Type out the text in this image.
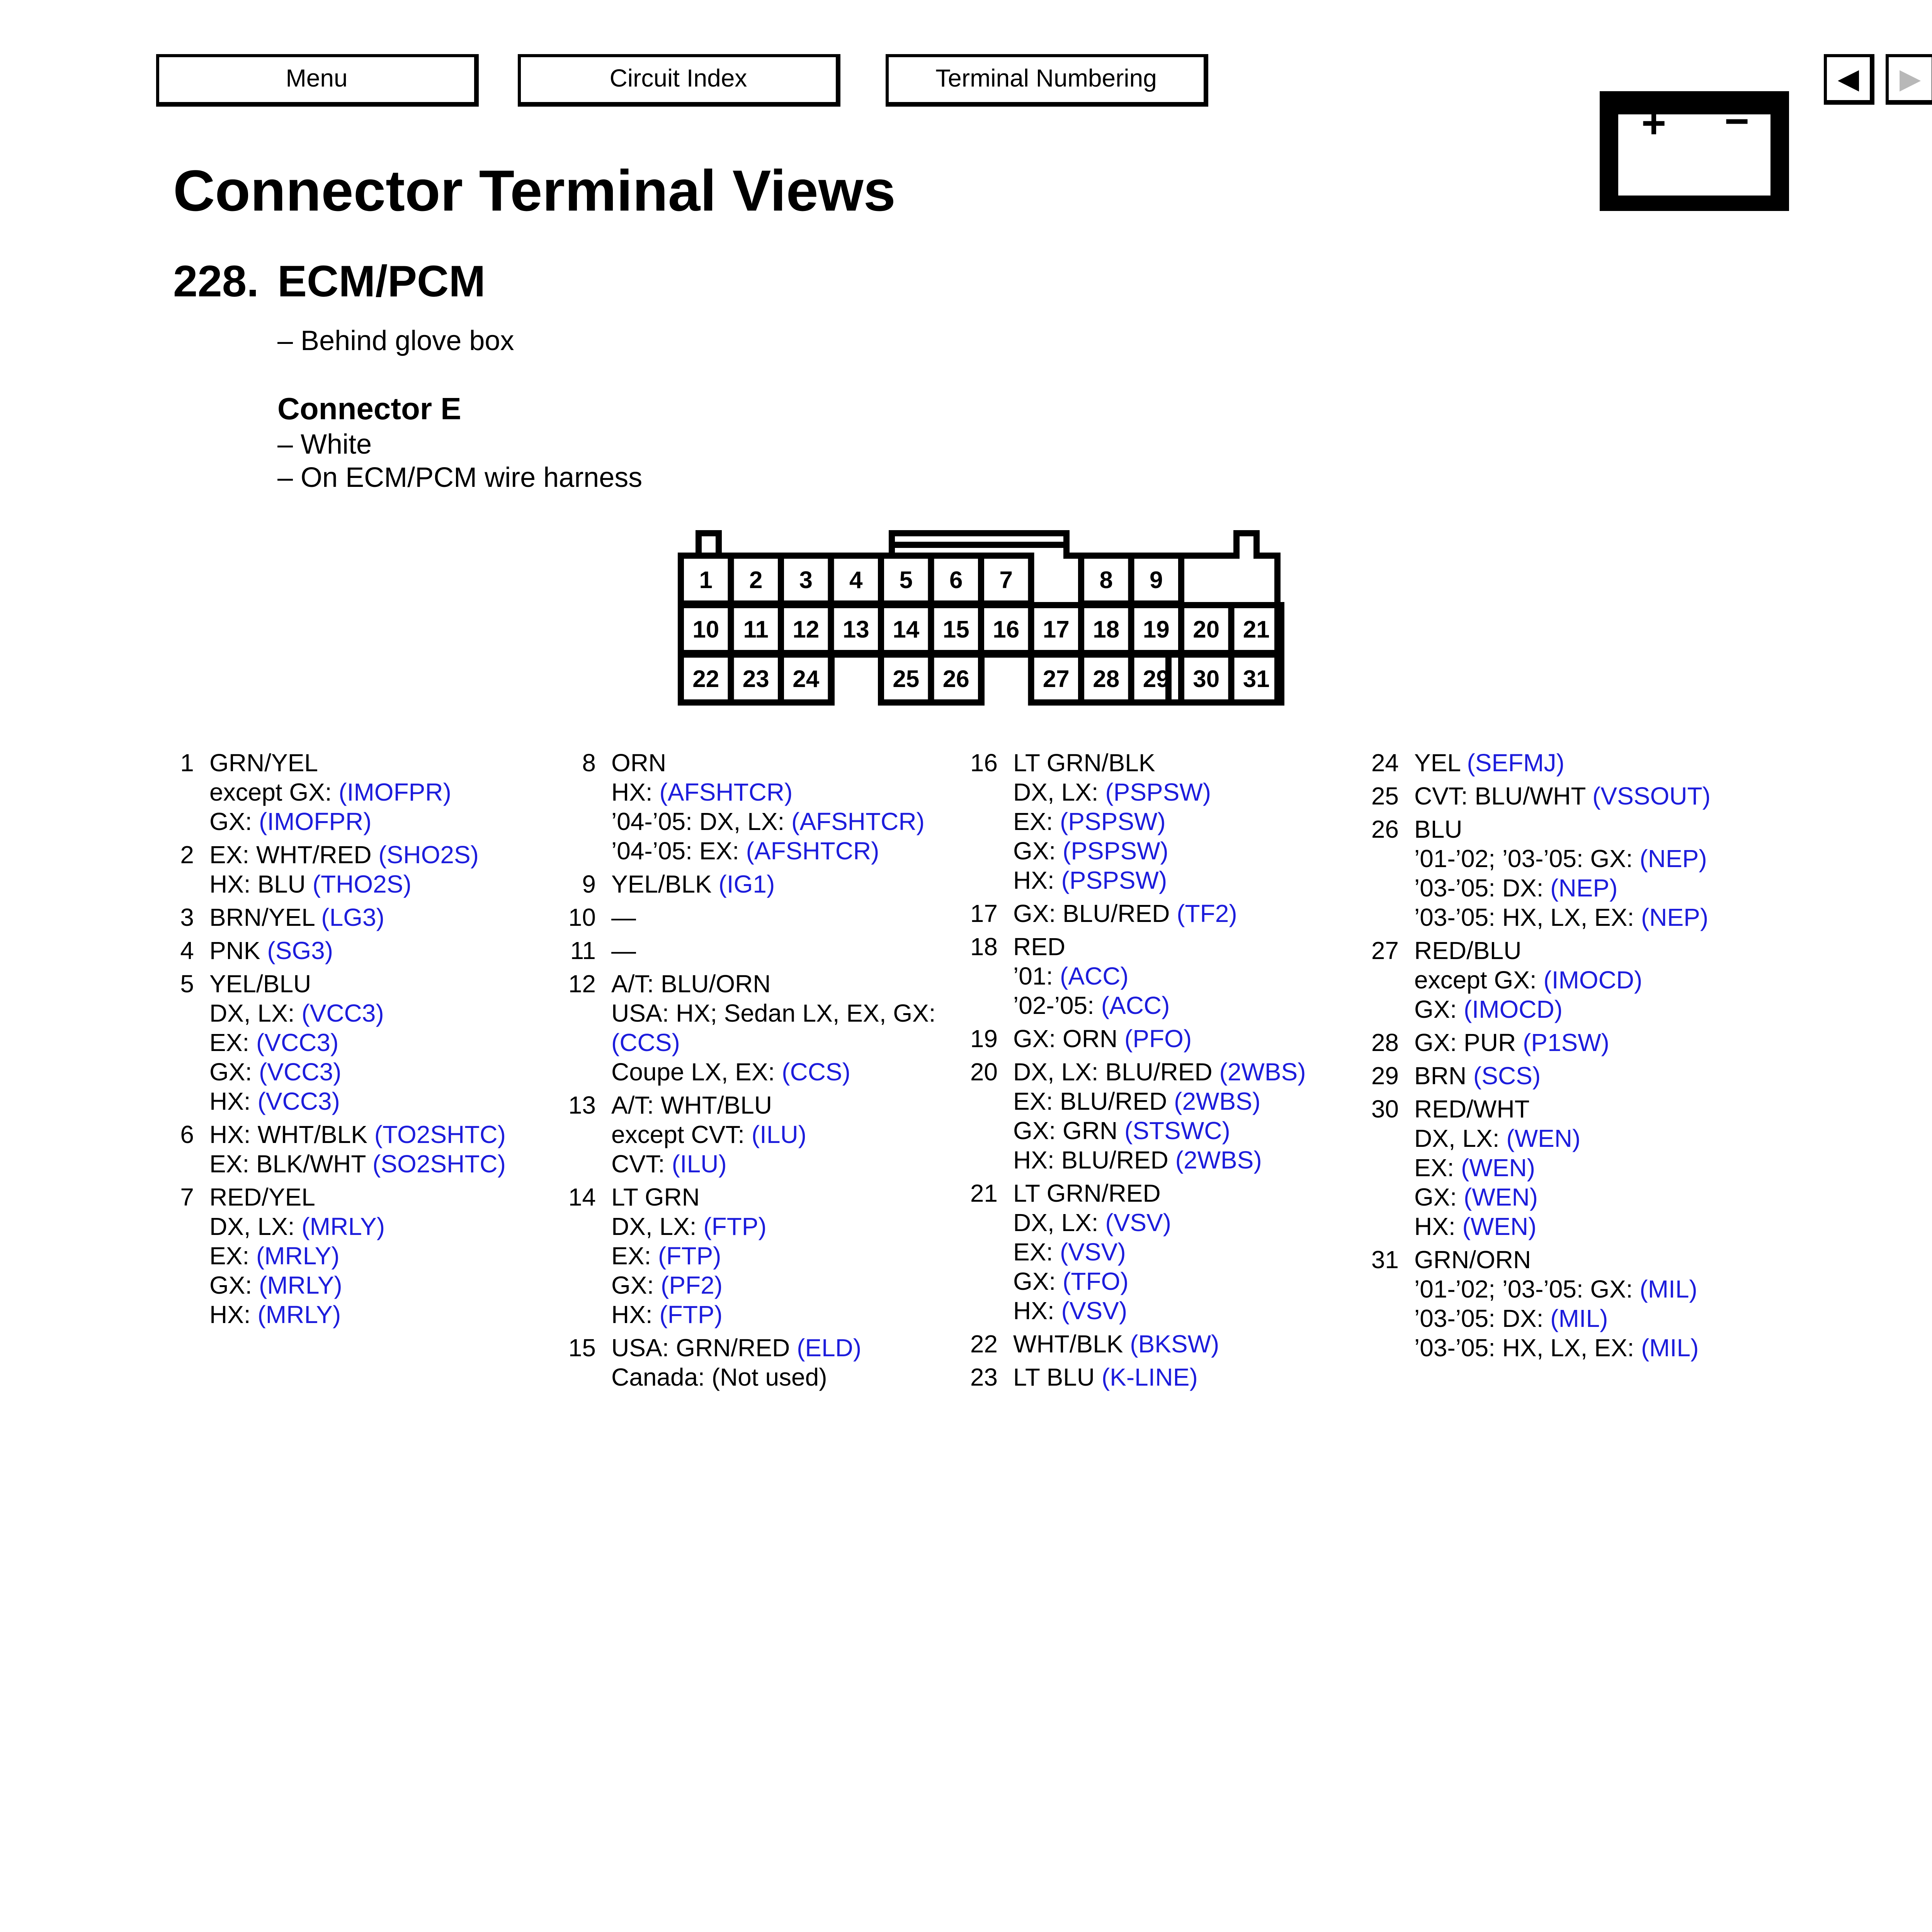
Menu	Circuit Index	Terminal Numbering	◀	▶
+ −
Connector Terminal Views
228. ECM/PCM
– Behind glove box
Connector E
– White
– On ECM/PCM wire harness
1 2 3 4 5 6 7	8 9
10 11 12 13 14 15 16 17 18 19 20 21
22 23 24	25 26	27 28 29 30 31
1 GRN/YEL
except GX: (IMOFPR)
GX: (IMOFPR)
2 EX: WHT/RED (SHO2S)
HX: BLU (THO2S)
3 BRN/YEL (LG3)
4 PNK (SG3)
5 YEL/BLU
DX, LX: (VCC3)
EX: (VCC3)
GX: (VCC3)
HX: (VCC3)
6 HX: WHT/BLK (TO2SHTC)
EX: BLK/WHT (SO2SHTC)
7 RED/YEL
DX, LX: (MRLY)
EX: (MRLY)
GX: (MRLY)
HX: (MRLY)
8 ORN
HX: (AFSHTCR)
’04-’05: DX, LX: (AFSHTCR)
’04-’05: EX: (AFSHTCR)
9 YEL/BLK (IG1)
10 —
11 —
12 A/T: BLU/ORN
USA: HX; Sedan LX, EX, GX:
(CCS)
Coupe LX, EX: (CCS)
13 A/T: WHT/BLU
except CVT: (ILU)
CVT: (ILU)
14 LT GRN
DX, LX: (FTP)
EX: (FTP)
GX: (PF2)
HX: (FTP)
15 USA: GRN/RED (ELD)
Canada: (Not used)
16 LT GRN/BLK
DX, LX: (PSPSW)
EX: (PSPSW)
GX: (PSPSW)
HX: (PSPSW)
17 GX: BLU/RED (TF2)
18 RED
’01: (ACC)
’02-’05: (ACC)
19 GX: ORN (PFO)
20 DX, LX: BLU/RED (2WBS)
EX: BLU/RED (2WBS)
GX: GRN (STSWC)
HX: BLU/RED (2WBS)
21 LT GRN/RED
DX, LX: (VSV)
EX: (VSV)
GX: (TFO)
HX: (VSV)
22 WHT/BLK (BKSW)
23 LT BLU (K-LINE)
24 YEL (SEFMJ)
25 CVT: BLU/WHT (VSSOUT)
26 BLU
’01-’02; ’03-’05: GX: (NEP)
’03-’05: DX: (NEP)
’03-’05: HX, LX, EX: (NEP)
27 RED/BLU
except GX: (IMOCD)
GX: (IMOCD)
28 GX: PUR (P1SW)
29 BRN (SCS)
30 RED/WHT
DX, LX: (WEN)
EX: (WEN)
GX: (WEN)
HX: (WEN)
31 GRN/ORN
’01-’02; ’03-’05: GX: (MIL)
’03-’05: DX: (MIL)
’03-’05: HX, LX, EX: (MIL)
